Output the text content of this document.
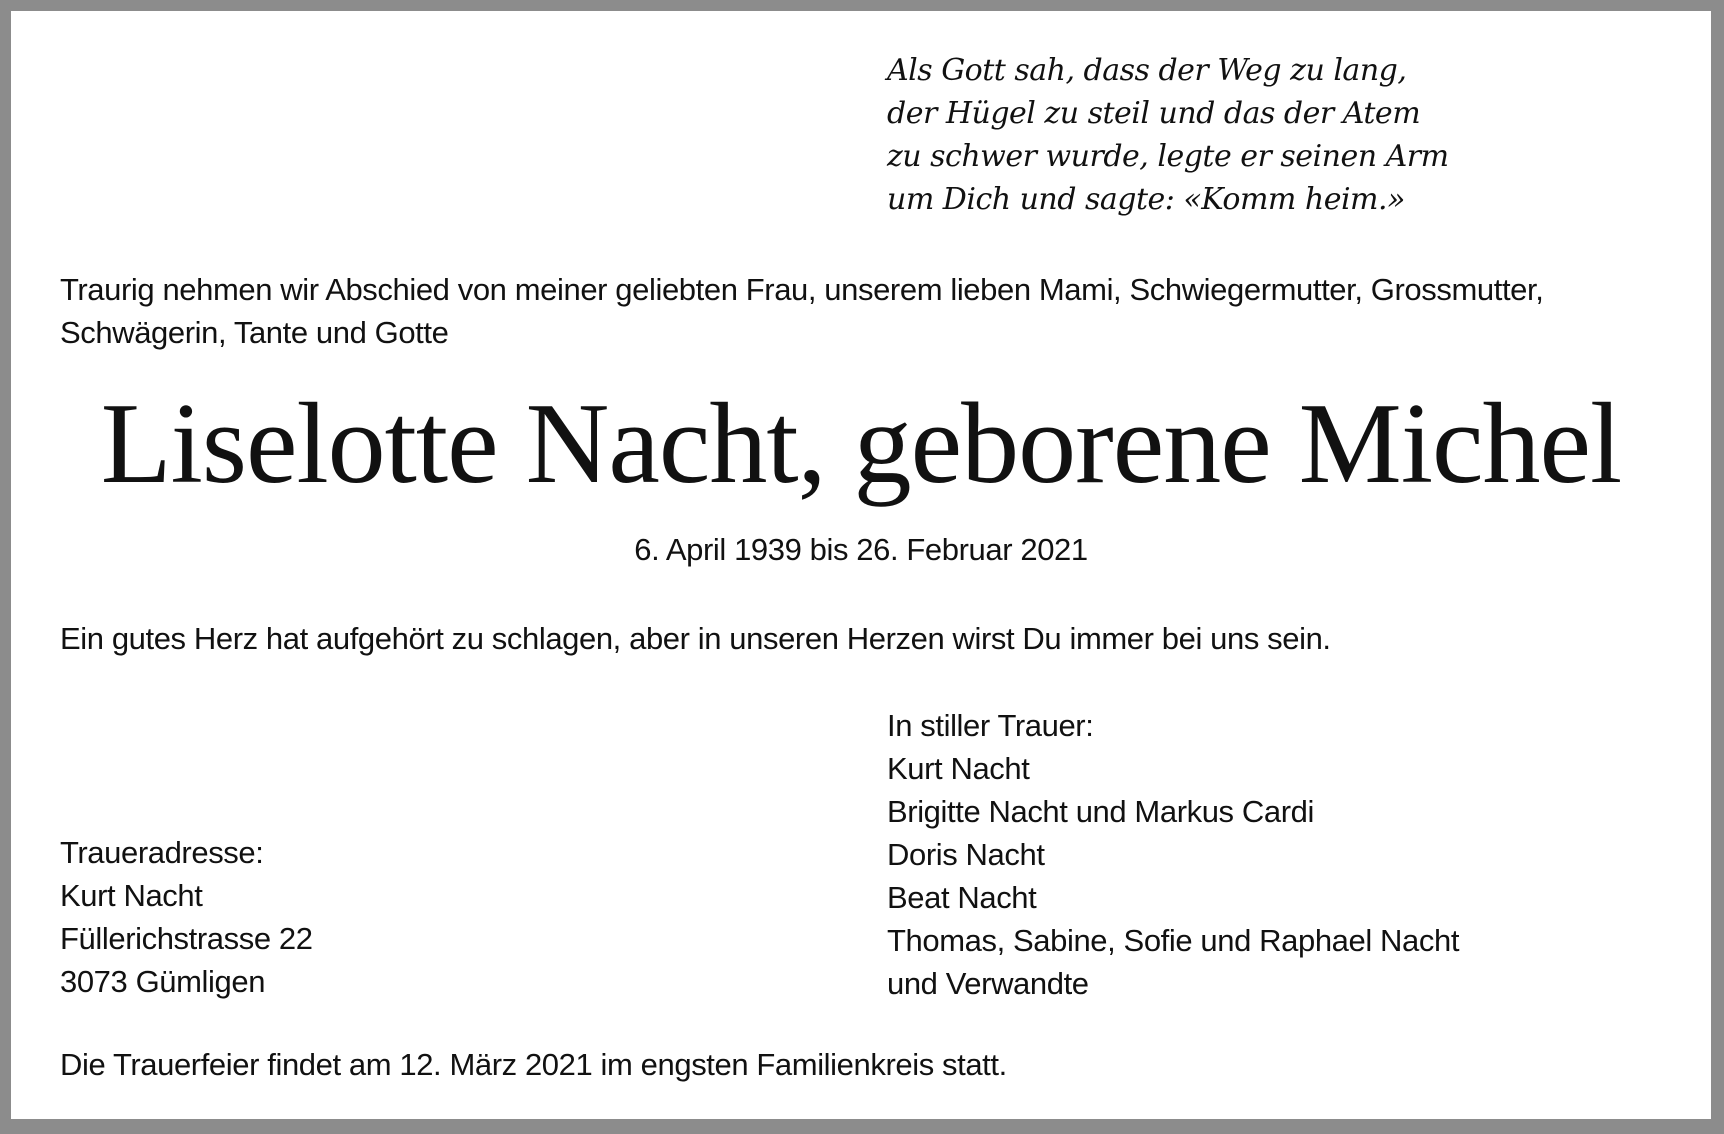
Als Gott sah, dass der Weg zu lang,
der Hügel zu steil und das der Atem
zu schwer wurde, legte er seinen Arm
um Dich und sagte: «Komm heim.»
Traurig nehmen wir Abschied von meiner geliebten Frau, unserem lieben Mami, Schwiegermutter, Grossmutter, Schwägerin, Tante und Gotte
Liselotte Nacht, geborene Michel
6. April 1939 bis 26. Februar 2021
Ein gutes Herz hat aufgehört zu schlagen, aber in unseren Herzen wirst Du immer bei uns sein.
In stiller Trauer:
Kurt Nacht
Brigitte Nacht und Markus Cardi
Doris Nacht
Beat Nacht
Thomas, Sabine, Sofie und Raphael Nacht
und Verwandte
Traueradresse:
Kurt Nacht
Füllerichstrasse 22
3073 Gümligen
Die Trauerfeier findet am 12. März 2021 im engsten Familienkreis statt.
